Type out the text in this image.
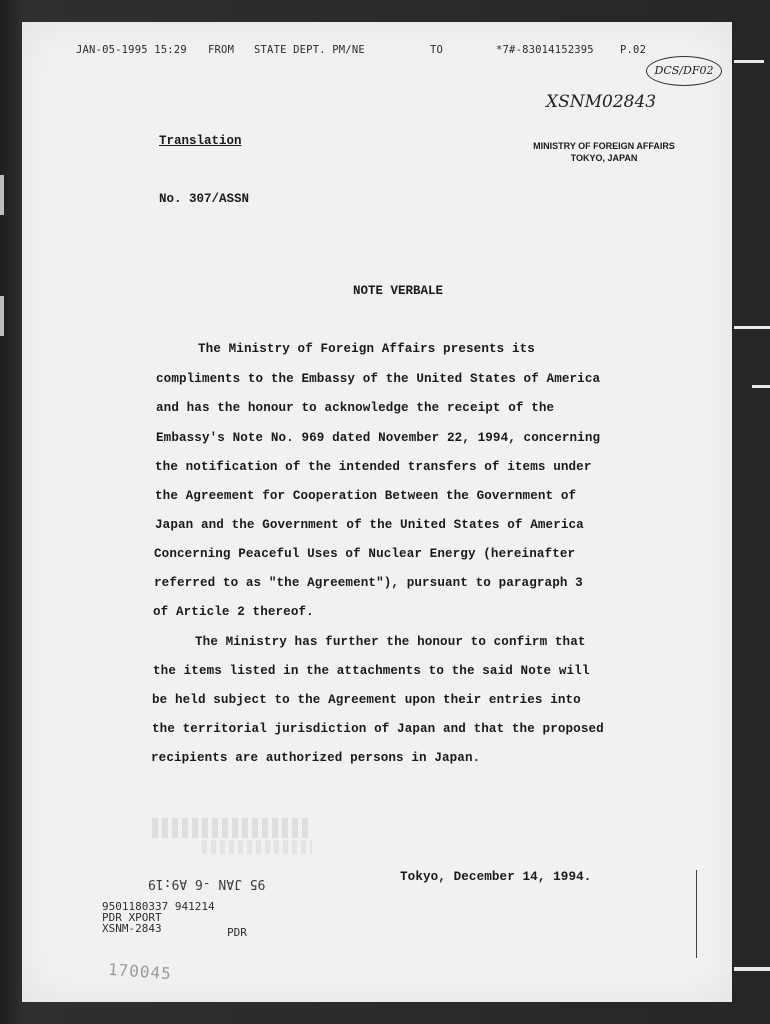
JAN-05-1995 15:29 FROM STATE DEPT. PM/NE	TO	*7#-83014152395 P.02
DCS/DF02
XSNM02843
Translation	MINISTRY OF FOREIGN AFFAIRS
TOKYO, JAPAN
No. 307/ASSN
NOTE VERBALE
The Ministry of Foreign Affairs presents its
compliments to the Embassy of the United States of America
and has the honour to acknowledge the receipt of the
Embassy's Note No. 969 dated November 22, 1994, concerning
the notification of the intended transfers of items under
the Agreement for Cooperation Between the Government of
Japan and the Government of the United States of America
Concerning Peaceful Uses of Nuclear Energy (hereinafter
referred to as "the Agreement"), pursuant to paragraph 3
of Article 2 thereof.
The Ministry has further the honour to confirm that
the items listed in the attachments to the said Note will
be held subject to the Agreement upon their entries into
the territorial jurisdiction of Japan and that the proposed
recipients are authorized persons in Japan.
Tokyo, December 14, 1994.
95 JAN -6 A9:19
9501180337 941214
PDR XPORT
XSNM-2843	PDR
170045
